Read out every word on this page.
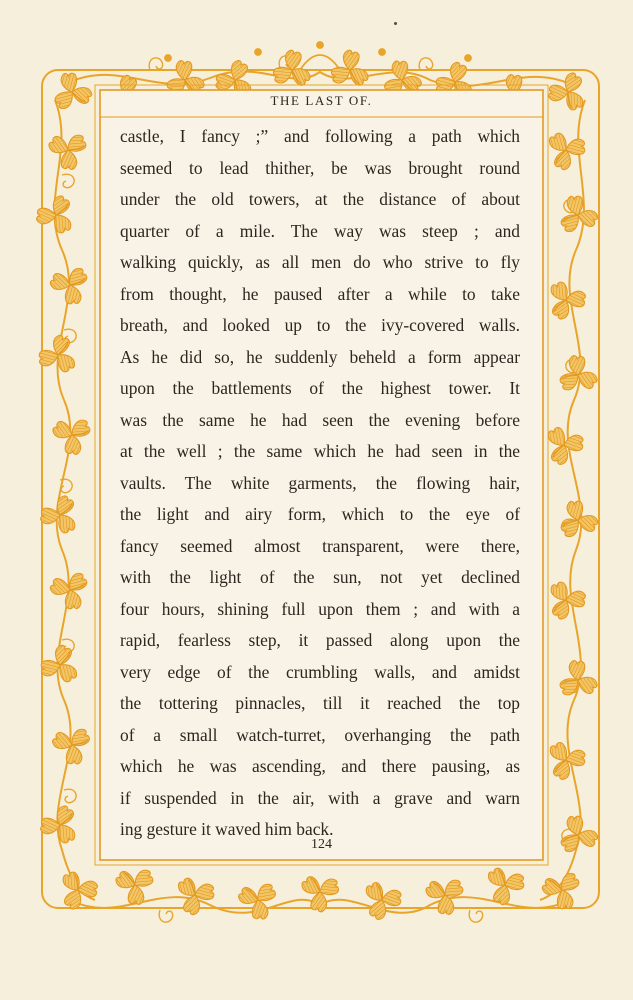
THE LAST OF.
castle, I fancy ;” and following a path which
seemed to lead thither, be was brought round
under the old towers, at the distance of about
quarter of a mile. The way was steep ; and
walking quickly, as all men do who strive to fly
from thought, he paused after a while to take
breath, and looked up to the ivy-covered walls.
As he did so, he suddenly beheld a form appear
upon the battlements of the highest tower. It
was the same he had seen the evening before
at the well ; the same which he had seen in the
vaults. The white garments, the flowing hair,
the light and airy form, which to the eye of
fancy seemed almost transparent, were there,
with the light of the sun, not yet declined
four hours, shining full upon them ; and with a
rapid, fearless step, it passed along upon the
very edge of the crumbling walls, and amidst
the tottering pinnacles, till it reached the top
of a small watch-turret, overhanging the path
which he was ascending, and there pausing, as
if suspended in the air, with a grave and warn
ing gesture it waved him back.
124
